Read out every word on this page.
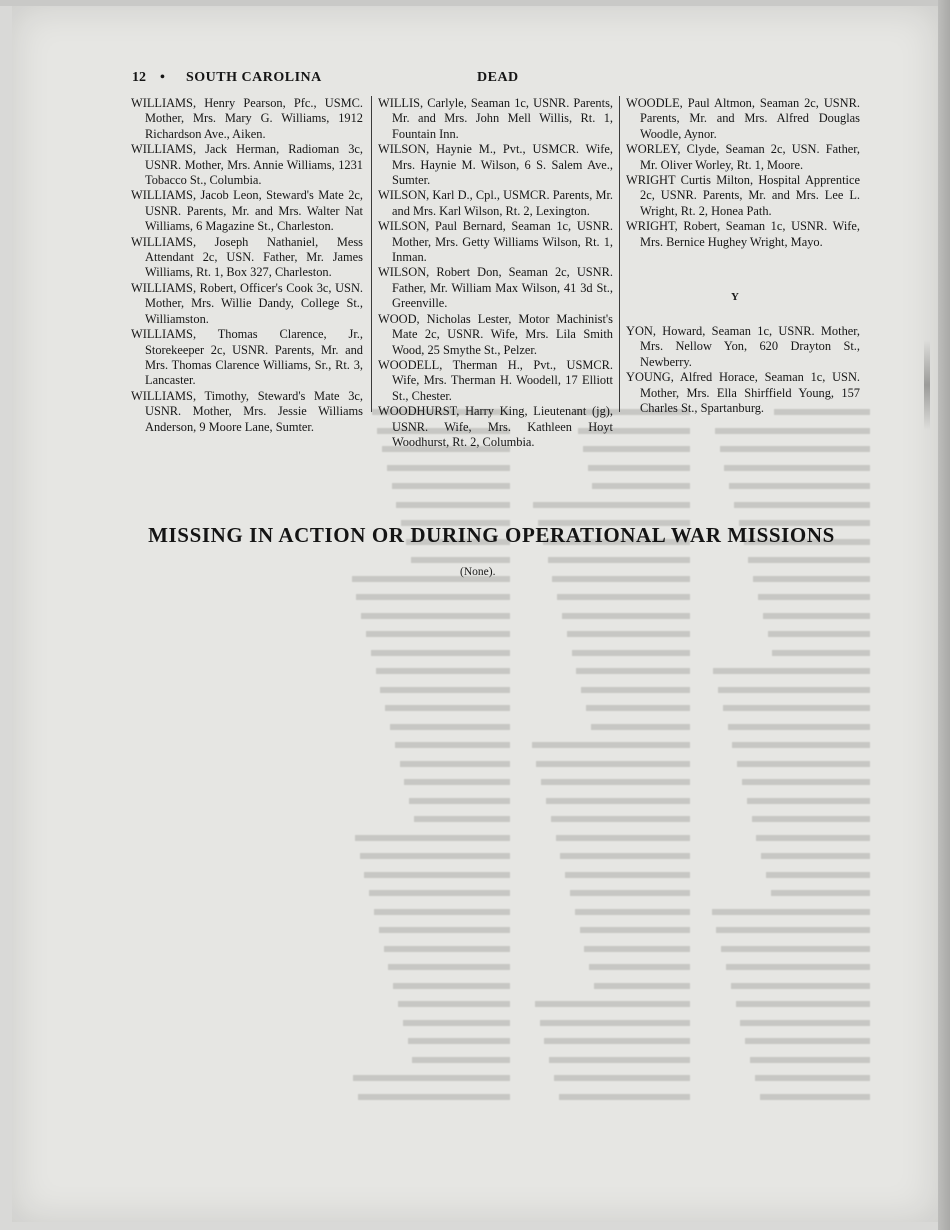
12 • SOUTH CAROLINA	DEAD

WILLIAMS, Henry Pearson, Pfc., USMC. Mother, Mrs. Mary G. Williams, 1912 Richardson Ave., Aiken.

WILLIAMS, Jack Herman, Radioman 3c, USNR. Mother, Mrs. Annie Williams, 1231 Tobacco St., Columbia.

WILLIAMS, Jacob Leon, Steward's Mate 2c, USNR. Parents, Mr. and Mrs. Walter Nat Williams, 6 Magazine St., Charleston.

WILLIAMS, Joseph Nathaniel, Mess Attendant 2c, USN. Father, Mr. James Williams, Rt. 1, Box 327, Charleston.

WILLIAMS, Robert, Officer's Cook 3c, USN. Mother, Mrs. Willie Dandy, College St., Williamston.

WILLIAMS, Thomas Clarence, Jr., Storekeeper 2c, USNR. Parents, Mr. and Mrs. Thomas Clarence Williams, Sr., Rt. 3, Lancaster.

WILLIAMS, Timothy, Steward's Mate 3c, USNR. Mother, Mrs. Jessie Williams Anderson, 9 Moore Lane, Sumter.

WILLIS, Carlyle, Seaman 1c, USNR. Parents, Mr. and Mrs. John Mell Willis, Rt. 1, Fountain Inn.

WILSON, Haynie M., Pvt., USMCR. Wife, Mrs. Haynie M. Wilson, 6 S. Salem Ave., Sumter.

WILSON, Karl D., Cpl., USMCR. Parents, Mr. and Mrs. Karl Wilson, Rt. 2, Lexington.

WILSON, Paul Bernard, Seaman 1c, USNR. Mother, Mrs. Getty Williams Wilson, Rt. 1, Inman.

WILSON, Robert Don, Seaman 2c, USNR. Father, Mr. William Max Wilson, 41 3d St., Greenville.

WOOD, Nicholas Lester, Motor Machinist's Mate 2c, USNR. Wife, Mrs. Lila Smith Wood, 25 Smythe St., Pelzer.

WOODELL, Therman H., Pvt., USMCR. Wife, Mrs. Therman H. Woodell, 17 Elliott St., Chester.

WOODHURST, Harry King, Lieutenant (jg), USNR. Wife, Mrs. Kathleen Hoyt Woodhurst, Rt. 2, Columbia.

WOODLE, Paul Altmon, Seaman 2c, USNR. Parents, Mr. and Mrs. Alfred Douglas Woodle, Aynor.

WORLEY, Clyde, Seaman 2c, USN. Father, Mr. Oliver Worley, Rt. 1, Moore.

WRIGHT Curtis Milton, Hospital Apprentice 2c, USNR. Parents, Mr. and Mrs. Lee L. Wright, Rt. 2, Honea Path.

WRIGHT, Robert, Seaman 1c, USNR. Wife, Mrs. Bernice Hughey Wright, Mayo.

Y

YON, Howard, Seaman 1c, USNR. Mother, Mrs. Nellow Yon, 620 Drayton St., Newberry.

YOUNG, Alfred Horace, Seaman 1c, USN. Mother, Mrs. Ella Shirffield Young, 157 Charles St., Spartanburg.

MISSING IN ACTION OR DURING OPERATIONAL WAR MISSIONS
(None).
